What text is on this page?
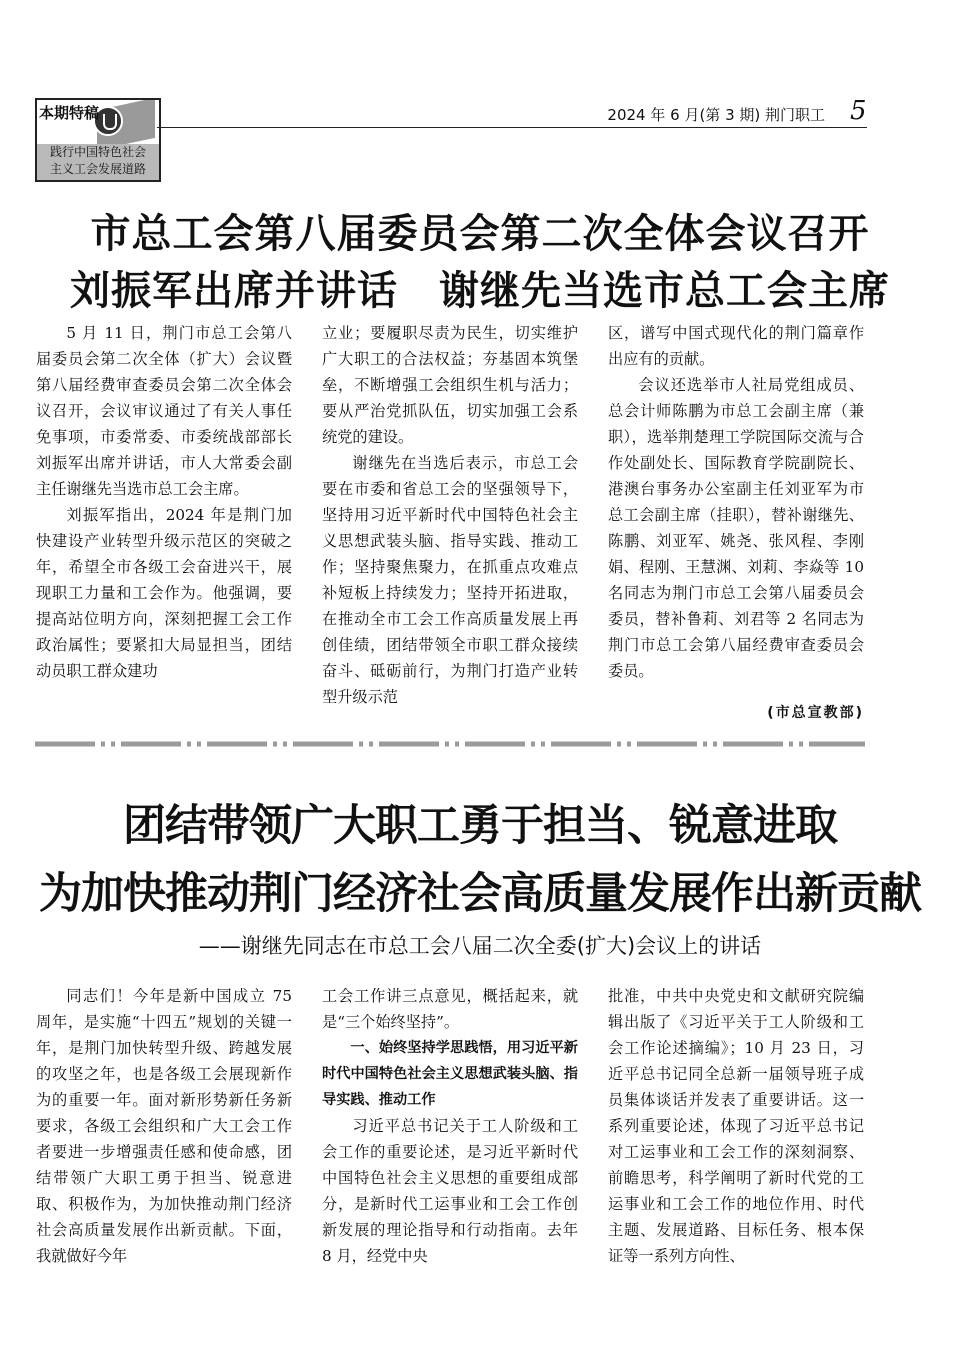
本期特稿
践行中国特色社会
主义工会发展道路
2024 年 6 月(第 3 期) 荆门职工 5
市总工会第八届委员会第二次全体会议召开
刘振军出席并讲话　谢继先当选市总工会主席

5 月 11 日，荆门市总工会第八届委员会第二次全体（扩大）会议暨第八届经费审查委员会第二次全体会议召开，会议审议通过了有关人事任免事项，市委常委、市委统战部部长刘振军出席并讲话，市人大常委会副主任谢继先当选市总工会主席。

刘振军指出，2024 年是荆门加快建设产业转型升级示范区的突破之年，希望全市各级工会奋进兴干，展现职工力量和工会作为。他强调，要提高站位明方向，深刻把握工会工作政治属性；要紧扣大局显担当，团结动员职工群众建功

立业；要履职尽责为民生，切实维护广大职工的合法权益；夯基固本筑堡垒，不断增强工会组织生机与活力；要从严治党抓队伍，切实加强工会系统党的建设。

谢继先在当选后表示，市总工会要在市委和省总工会的坚强领导下，坚持用习近平新时代中国特色社会主义思想武装头脑、指导实践、推动工作；坚持聚焦聚力，在抓重点攻难点补短板上持续发力；坚持开拓进取，在推动全市工会工作高质量发展上再创佳绩，团结带领全市职工群众接续奋斗、砥砺前行，为荆门打造产业转型升级示范

区，谱写中国式现代化的荆门篇章作出应有的贡献。

会议还选举市人社局党组成员、总会计师陈鹏为市总工会副主席（兼职），选举荆楚理工学院国际交流与合作处副处长、国际教育学院副院长、港澳台事务办公室副主任刘亚军为市总工会副主席（挂职），替补谢继先、陈鹏、刘亚军、姚尧、张风程、李刚娟、程刚、王慧渊、刘莉、李焱等 10 名同志为荆门市总工会第八届委员会委员，替补鲁莉、刘君等 2 名同志为荆门市总工会第八届经费审查委员会委员。

(市总宣教部)
团结带领广大职工勇于担当、锐意进取
为加快推动荆门经济社会高质量发展作出新贡献
——谢继先同志在市总工会八届二次全委(扩大)会议上的讲话

同志们！今年是新中国成立 75 周年，是实施“十四五”规划的关键一年，是荆门加快转型升级、跨越发展的攻坚之年，也是各级工会展现新作为的重要一年。面对新形势新任务新要求，各级工会组织和广大工会工作者要进一步增强责任感和使命感，团结带领广大职工勇于担当、锐意进取、积极作为，为加快推动荆门经济社会高质量发展作出新贡献。下面，我就做好今年

工会工作讲三点意见，概括起来，就是“三个始终坚持”。

一、始终坚持学思践悟，用习近平新时代中国特色社会主义思想武装头脑、指导实践、推动工作

习近平总书记关于工人阶级和工会工作的重要论述，是习近平新时代中国特色社会主义思想的重要组成部分，是新时代工运事业和工会工作创新发展的理论指导和行动指南。去年 8 月，经党中央

批准，中共中央党史和文献研究院编辑出版了《习近平关于工人阶级和工会工作论述摘编》；10 月 23 日，习近平总书记同全总新一届领导班子成员集体谈话并发表了重要讲话。这一系列重要论述，体现了习近平总书记对工运事业和工会工作的深刻洞察、前瞻思考，科学阐明了新时代党的工运事业和工会工作的地位作用、时代主题、发展道路、目标任务、根本保证等一系列方向性、
